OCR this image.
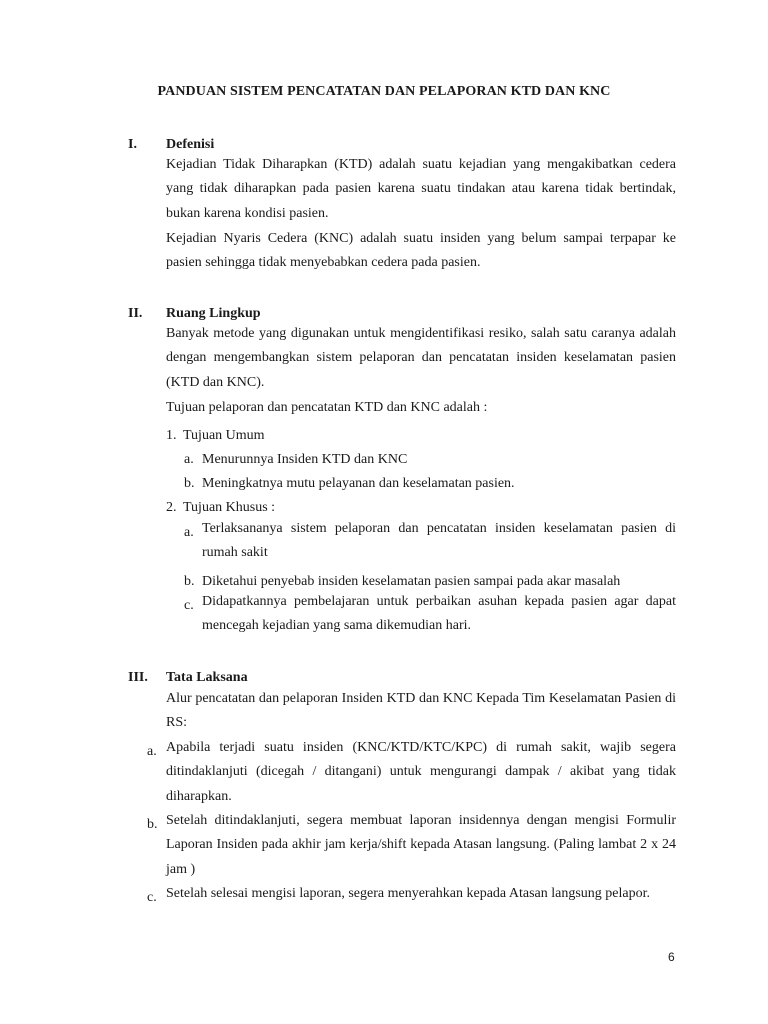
PANDUAN SISTEM PENCATATAN DAN PELAPORAN KTD DAN KNC
I. Defenisi
Kejadian Tidak Diharapkan (KTD) adalah suatu kejadian yang mengakibatkan cedera yang tidak diharapkan pada pasien karena suatu tindakan atau karena tidak bertindak, bukan karena kondisi pasien.
Kejadian Nyaris Cedera (KNC) adalah suatu insiden yang belum sampai terpapar ke pasien sehingga tidak menyebabkan cedera pada pasien.
II. Ruang Lingkup
Banyak metode yang digunakan untuk mengidentifikasi resiko, salah satu caranya adalah dengan mengembangkan sistem pelaporan dan pencatatan insiden keselamatan pasien (KTD dan KNC).
Tujuan pelaporan dan pencatatan KTD dan KNC adalah :
1. Tujuan Umum
a. Menurunnya Insiden KTD dan KNC
b. Meningkatnya mutu pelayanan dan keselamatan pasien.
2. Tujuan Khusus :
a. Terlaksananya sistem pelaporan dan pencatatan insiden keselamatan pasien di rumah sakit
b. Diketahui penyebab insiden keselamatan pasien sampai pada akar masalah
c. Didapatkannya pembelajaran untuk perbaikan asuhan kepada pasien agar dapat mencegah kejadian yang sama dikemudian hari.
III. Tata Laksana
Alur pencatatan dan pelaporan Insiden KTD dan KNC Kepada Tim Keselamatan Pasien di RS:
a. Apabila terjadi suatu insiden (KNC/KTD/KTC/KPC) di rumah sakit, wajib segera ditindaklanjuti (dicegah / ditangani) untuk mengurangi dampak / akibat yang tidak diharapkan.
b. Setelah ditindaklanjuti, segera membuat laporan insidennya dengan mengisi Formulir Laporan Insiden pada akhir jam kerja/shift kepada Atasan langsung. (Paling lambat 2 x 24 jam )
c. Setelah selesai mengisi laporan, segera menyerahkan kepada Atasan langsung pelapor.
6
